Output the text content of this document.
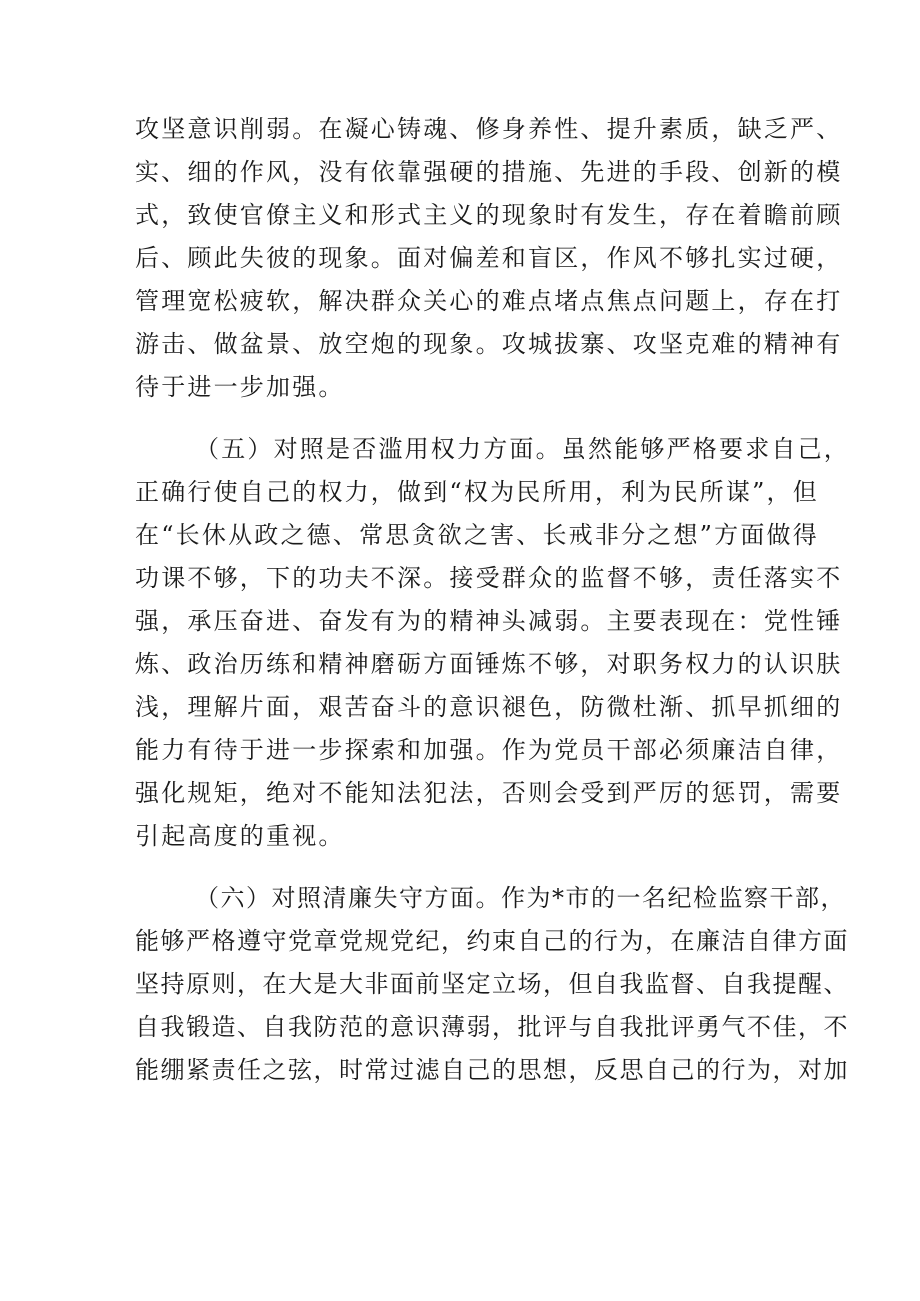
攻坚意识削弱。在凝心铸魂、修身养性、提升素质，缺乏严、
实、细的作风，没有依靠强硬的措施、先进的手段、创新的模
式，致使官僚主义和形式主义的现象时有发生，存在着瞻前顾
后、顾此失彼的现象。面对偏差和盲区，作风不够扎实过硬，
管理宽松疲软，解决群众关心的难点堵点焦点问题上，存在打
游击、做盆景、放空炮的现象。攻城拔寨、攻坚克难的精神有
待于进一步加强。
（五）对照是否滥用权力方面。虽然能够严格要求自己，
正确行使自己的权力，做到“权为民所用，利为民所谋”，但
在“长休从政之德、常思贪欲之害、长戒非分之想”方面做得
功课不够，下的功夫不深。接受群众的监督不够，责任落实不
强，承压奋进、奋发有为的精神头减弱。主要表现在：党性锤
炼、政治历练和精神磨砺方面锤炼不够，对职务权力的认识肤
浅，理解片面，艰苦奋斗的意识褪色，防微杜渐、抓早抓细的
能力有待于进一步探索和加强。作为党员干部必须廉洁自律，
强化规矩，绝对不能知法犯法，否则会受到严厉的惩罚，需要
引起高度的重视。
（六）对照清廉失守方面。作为*市的一名纪检监察干部，
能够严格遵守党章党规党纪，约束自己的行为，在廉洁自律方面
坚持原则，在大是大非面前坚定立场，但自我监督、自我提醒、
自我锻造、自我防范的意识薄弱，批评与自我批评勇气不佳，不
能绷紧责任之弦，时常过滤自己的思想，反思自己的行为，对加
